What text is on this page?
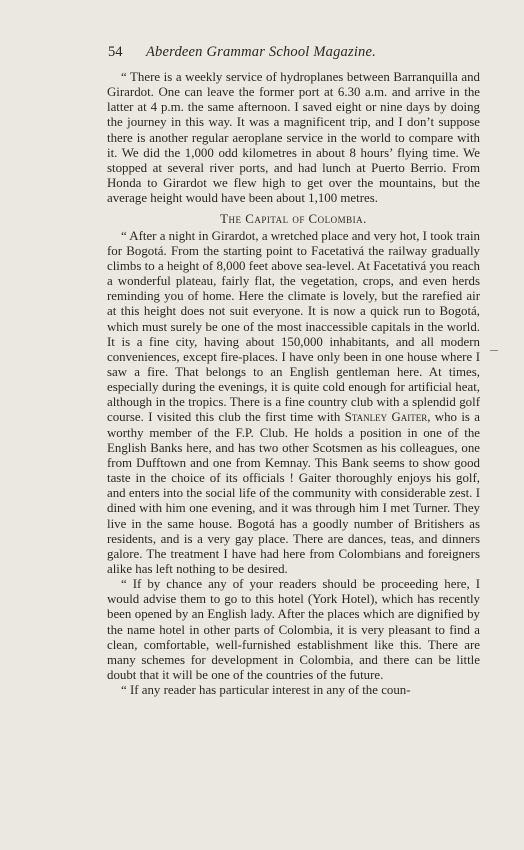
54	Aberdeen Grammar School Magazine.

“ There is a weekly service of hydroplanes between Barranquilla and Girardot. One can leave the former port at 6.30 a.m. and arrive in the latter at 4 p.m. the same afternoon. I saved eight or nine days by doing the journey in this way. It was a magnificent trip, and I don’t suppose there is another regular aeroplane service in the world to compare with it. We did the 1,000 odd kilometres in about 8 hours’ flying time. We stopped at several river ports, and had lunch at Puerto Berrio. From Honda to Girardot we flew high to get over the mountains, but the average height would have been about 1,100 metres.

The Capital of Colombia.

“ After a night in Girardot, a wretched place and very hot, I took train for Bogotá. From the starting point to Facetativá the railway gradually climbs to a height of 8,000 feet above sea-level. At Facetativá you reach a wonderful plateau, fairly flat, the vegetation, crops, and even herds reminding you of home. Here the climate is lovely, but the rarefied air at this height does not suit everyone. It is now a quick run to Bogotá, which must surely be one of the most inaccessible capitals in the world. It is a fine city, having about 150,000 inhabitants, and all modern conveniences, except fire-places. I have only been in one house where I saw a fire. That belongs to an English gentleman here. At times, especially during the evenings, it is quite cold enough for artificial heat, although in the tropics. There is a fine country club with a splendid golf course. I visited this club the first time with Stanley Gaiter, who is a worthy member of the F.P. Club. He holds a position in one of the English Banks here, and has two other Scotsmen as his colleagues, one from Dufftown and one from Kemnay. This Bank seems to show good taste in the choice of its officials ! Gaiter thoroughly enjoys his golf, and enters into the social life of the community with considerable zest. I dined with him one evening, and it was through him I met Turner. They live in the same house. Bogotá has a goodly number of Britishers as residents, and is a very gay place. There are dances, teas, and dinners galore. The treatment I have had here from Colombians and foreigners alike has left nothing to be desired.

“ If by chance any of your readers should be proceeding here, I would advise them to go to this hotel (York Hotel), which has recently been opened by an English lady. After the places which are dignified by the name hotel in other parts of Colombia, it is very pleasant to find a clean, comfortable, well-furnished establishment like this. There are many schemes for development in Colombia, and there can be little doubt that it will be one of the countries of the future.

“ If any reader has particular interest in any of the coun-
